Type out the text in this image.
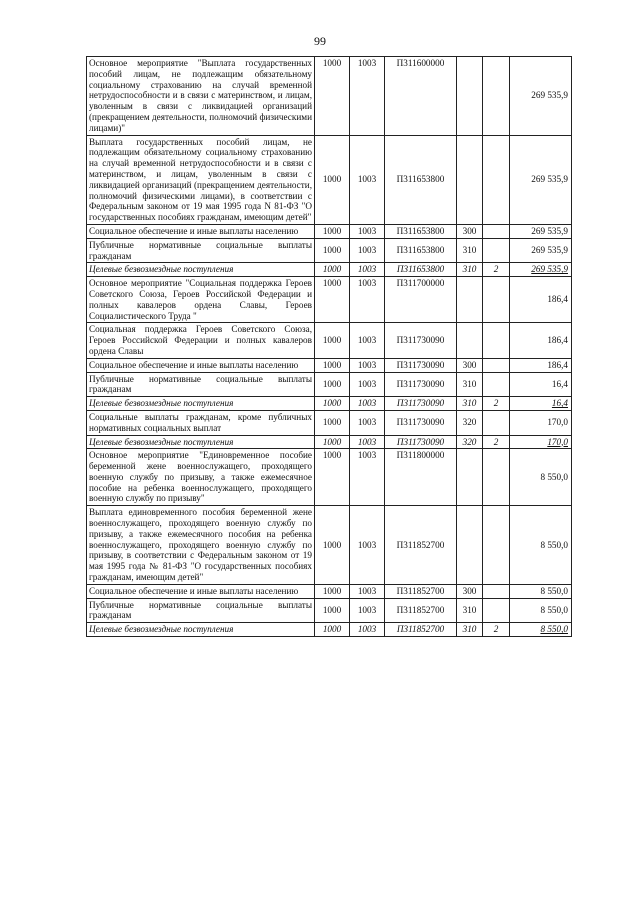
99
Основное мероприятие "Выплата государственных пособий лицам, не подлежащим обязательному социальному страхованию на случай временной нетрудоспособности и в связи с материнством, и лицам, уволенным в связи с ликвидацией организаций (прекращением деятельности, полномочий физическими лицами)"	1000	1003	П311600000			269 535,9
Выплата государственных пособий лицам, не подлежащим обязательному социальному страхованию на случай временной нетрудоспособности и в связи с материнством, и лицам, уволенным в связи с ликвидацией организаций (прекращением деятельности, полномочий физическими лицами), в соответствии с Федеральным законом от 19 мая 1995 года N 81-ФЗ "О государственных пособиях гражданам, имеющим детей"	1000	1003	П311653800			269 535,9
Социальное обеспечение и иные выплаты населению	1000	1003	П311653800	300		269 535,9
Публичные нормативные социальные выплаты гражданам	1000	1003	П311653800	310		269 535,9
Целевые безвозмездные поступления	1000	1003	П311653800	310	2	269 535,9
Основное мероприятие "Социальная поддержка Героев Советского Союза, Героев Российской Федерации и полных кавалеров ордена Славы, Героев Социалистического Труда "	1000	1003	П311700000			186,4
Социальная поддержка Героев Советского Союза, Героев Российской Федерации и полных кавалеров ордена Славы	1000	1003	П311730090			186,4
Социальное обеспечение и иные выплаты населению	1000	1003	П311730090	300		186,4
Публичные нормативные социальные выплаты гражданам	1000	1003	П311730090	310		16,4
Целевые безвозмездные поступления	1000	1003	П311730090	310	2	16,4
Социальные выплаты гражданам, кроме публичных нормативных социальных выплат	1000	1003	П311730090	320		170,0
Целевые безвозмездные поступления	1000	1003	П311730090	320	2	170,0
Основное мероприятие "Единовременное пособие беременной жене военнослужащего, проходящего военную службу по призыву, а также ежемесячное пособие на ребенка военнослужащего, проходящего военную службу по призыву"	1000	1003	П311800000			8 550,0
Выплата единовременного пособия беременной жене военнослужащего, проходящего военную службу по призыву, а также ежемесячного пособия на ребенка военнослужащего, проходящего военную службу по призыву, в соответствии с Федеральным законом от 19 мая 1995 года № 81-ФЗ "О государственных пособиях гражданам, имеющим детей"	1000	1003	П311852700			8 550,0
Социальное обеспечение и иные выплаты населению	1000	1003	П311852700	300		8 550,0
Публичные нормативные социальные выплаты гражданам	1000	1003	П311852700	310		8 550,0
Целевые безвозмездные поступления	1000	1003	П311852700	310	2	8 550,0
